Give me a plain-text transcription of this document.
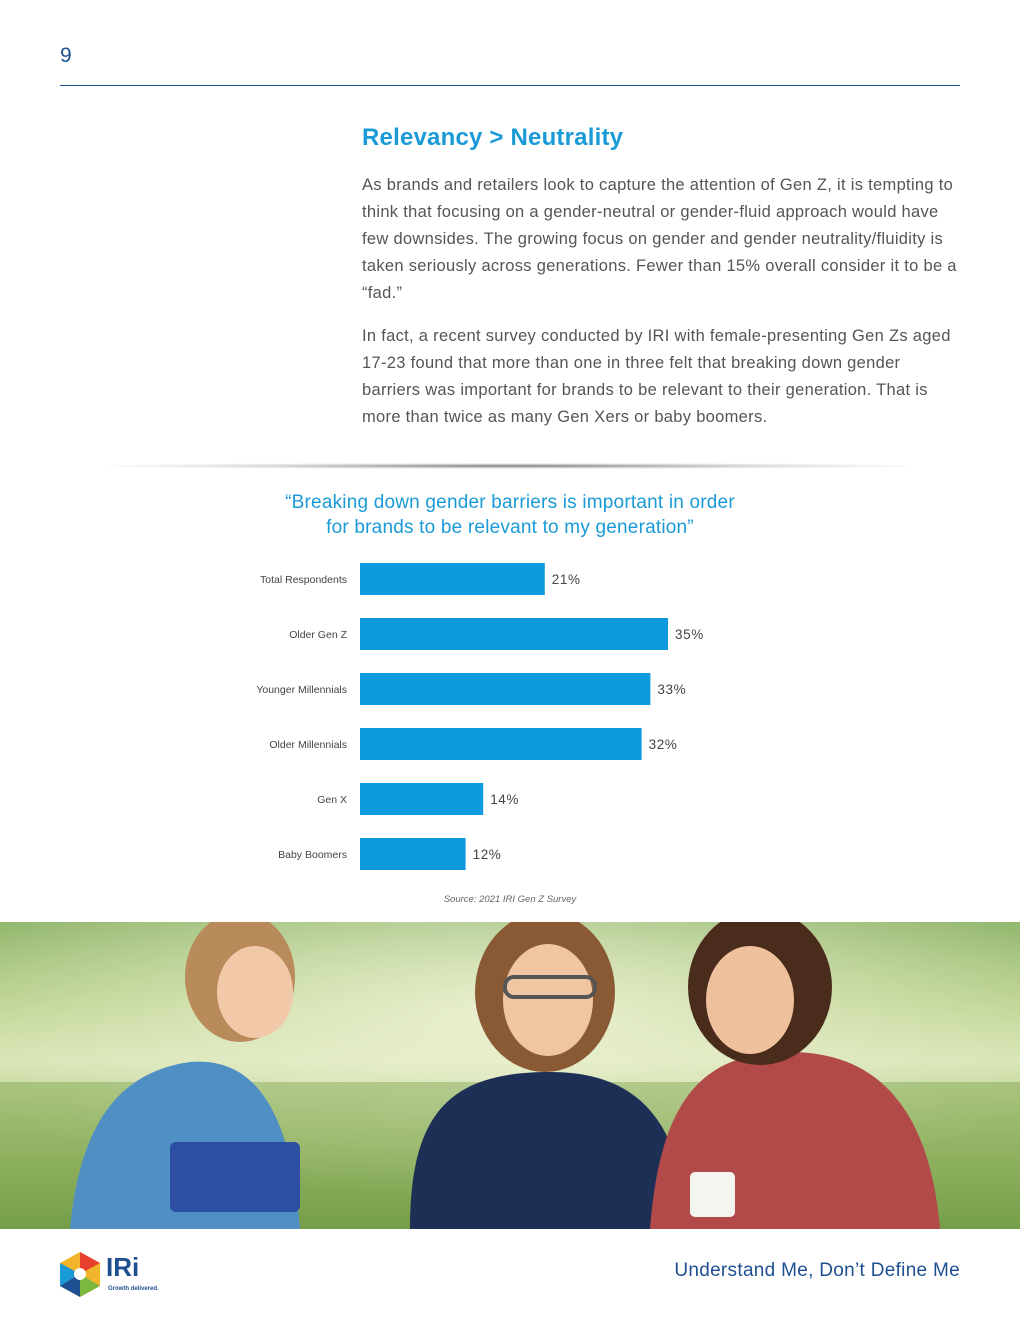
9
Relevancy > Neutrality

As brands and retailers look to capture the attention of Gen Z, it is tempting to think that focusing on a gender-neutral or gender-fluid approach would have few downsides. The growing focus on gender and gender neutrality/fluidity is taken seriously across generations. Fewer than 15% overall consider it to be a “fad.”

In fact, a recent survey conducted by IRI with female-presenting Gen Zs aged 17-23 found that more than one in three felt that breaking down gender barriers was important for brands to be relevant to their generation. That is more than twice as many Gen Xers or baby boomers.

“Breaking down gender barriers is important in order
for brands to be relevant to my generation”
Total Respondents	21%
Older Gen Z	35%
Younger Millennials	33%
Older Millennials	32%
Gen X	14%
Baby Boomers	12%
Source: 2021 IRI Gen Z Survey
IRi
Growth delivered.
Understand Me, Don’t Define Me
